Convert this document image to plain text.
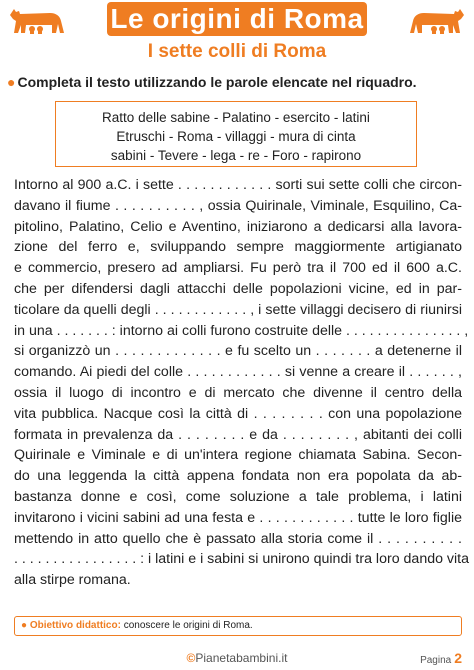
Le origini di Roma
I sette colli di Roma
● Completa il testo utilizzando le parole elencate nel riquadro.
Ratto delle sabine - Palatino - esercito - latini
Etruschi - Roma - villaggi - mura di cinta
sabini - Tevere - lega - re - Foro - rapirono
Intorno al 900 a.C. i sette . . . . . . . . . . . . sorti sui sette colli che circon-
davano il fiume . . . . . . . . . . , ossia Quirinale, Viminale, Esquilino, Ca-
pitolino, Palatino, Celio e Aventino, iniziarono a dedicarsi alla lavora-
zione del ferro e, sviluppando sempre maggiormente artigianato
e commercio, presero ad ampliarsi. Fu però tra il 700 ed il 600 a.C.
che per difendersi dagli attacchi delle popolazioni vicine, ed in par-
ticolare da quelli degli . . . . . . . . . . . . , i sette villaggi decisero di riunirsi
in una . . . . . . . : intorno ai colli furono costruite delle . . . . . . . . . . . . . . . ,
si organizzò un . . . . . . . . . . . . . e fu scelto un . . . . . . . a detenerne il
comando. Ai piedi del colle . . . . . . . . . . . . si venne a creare il . . . . . . ,
ossia il luogo di incontro e di mercato che divenne il centro della
vita pubblica. Nacque così la città di . . . . . . . . con una popolazione
formata in prevalenza da . . . . . . . . e da . . . . . . . . , abitanti dei colli
Quirinale e Viminale e di un'intera regione chiamata Sabina. Secon-
do una leggenda la città appena fondata non era popolata da ab-
bastanza donne e così, come soluzione a tale problema, i latini
invitarono i vicini sabini ad una festa e . . . . . . . . . . . . tutte le loro figlie
mettendo in atto quello che è passato alla storia come il . . . . . . . . . .
. . . . . . . . . . . . . . . . : i latini e i sabini si unirono quindi tra loro dando vita
alla stirpe romana.
● Obiettivo didattico: conoscere le origini di Roma.
©Pianetabambini.it	Pagina 2
